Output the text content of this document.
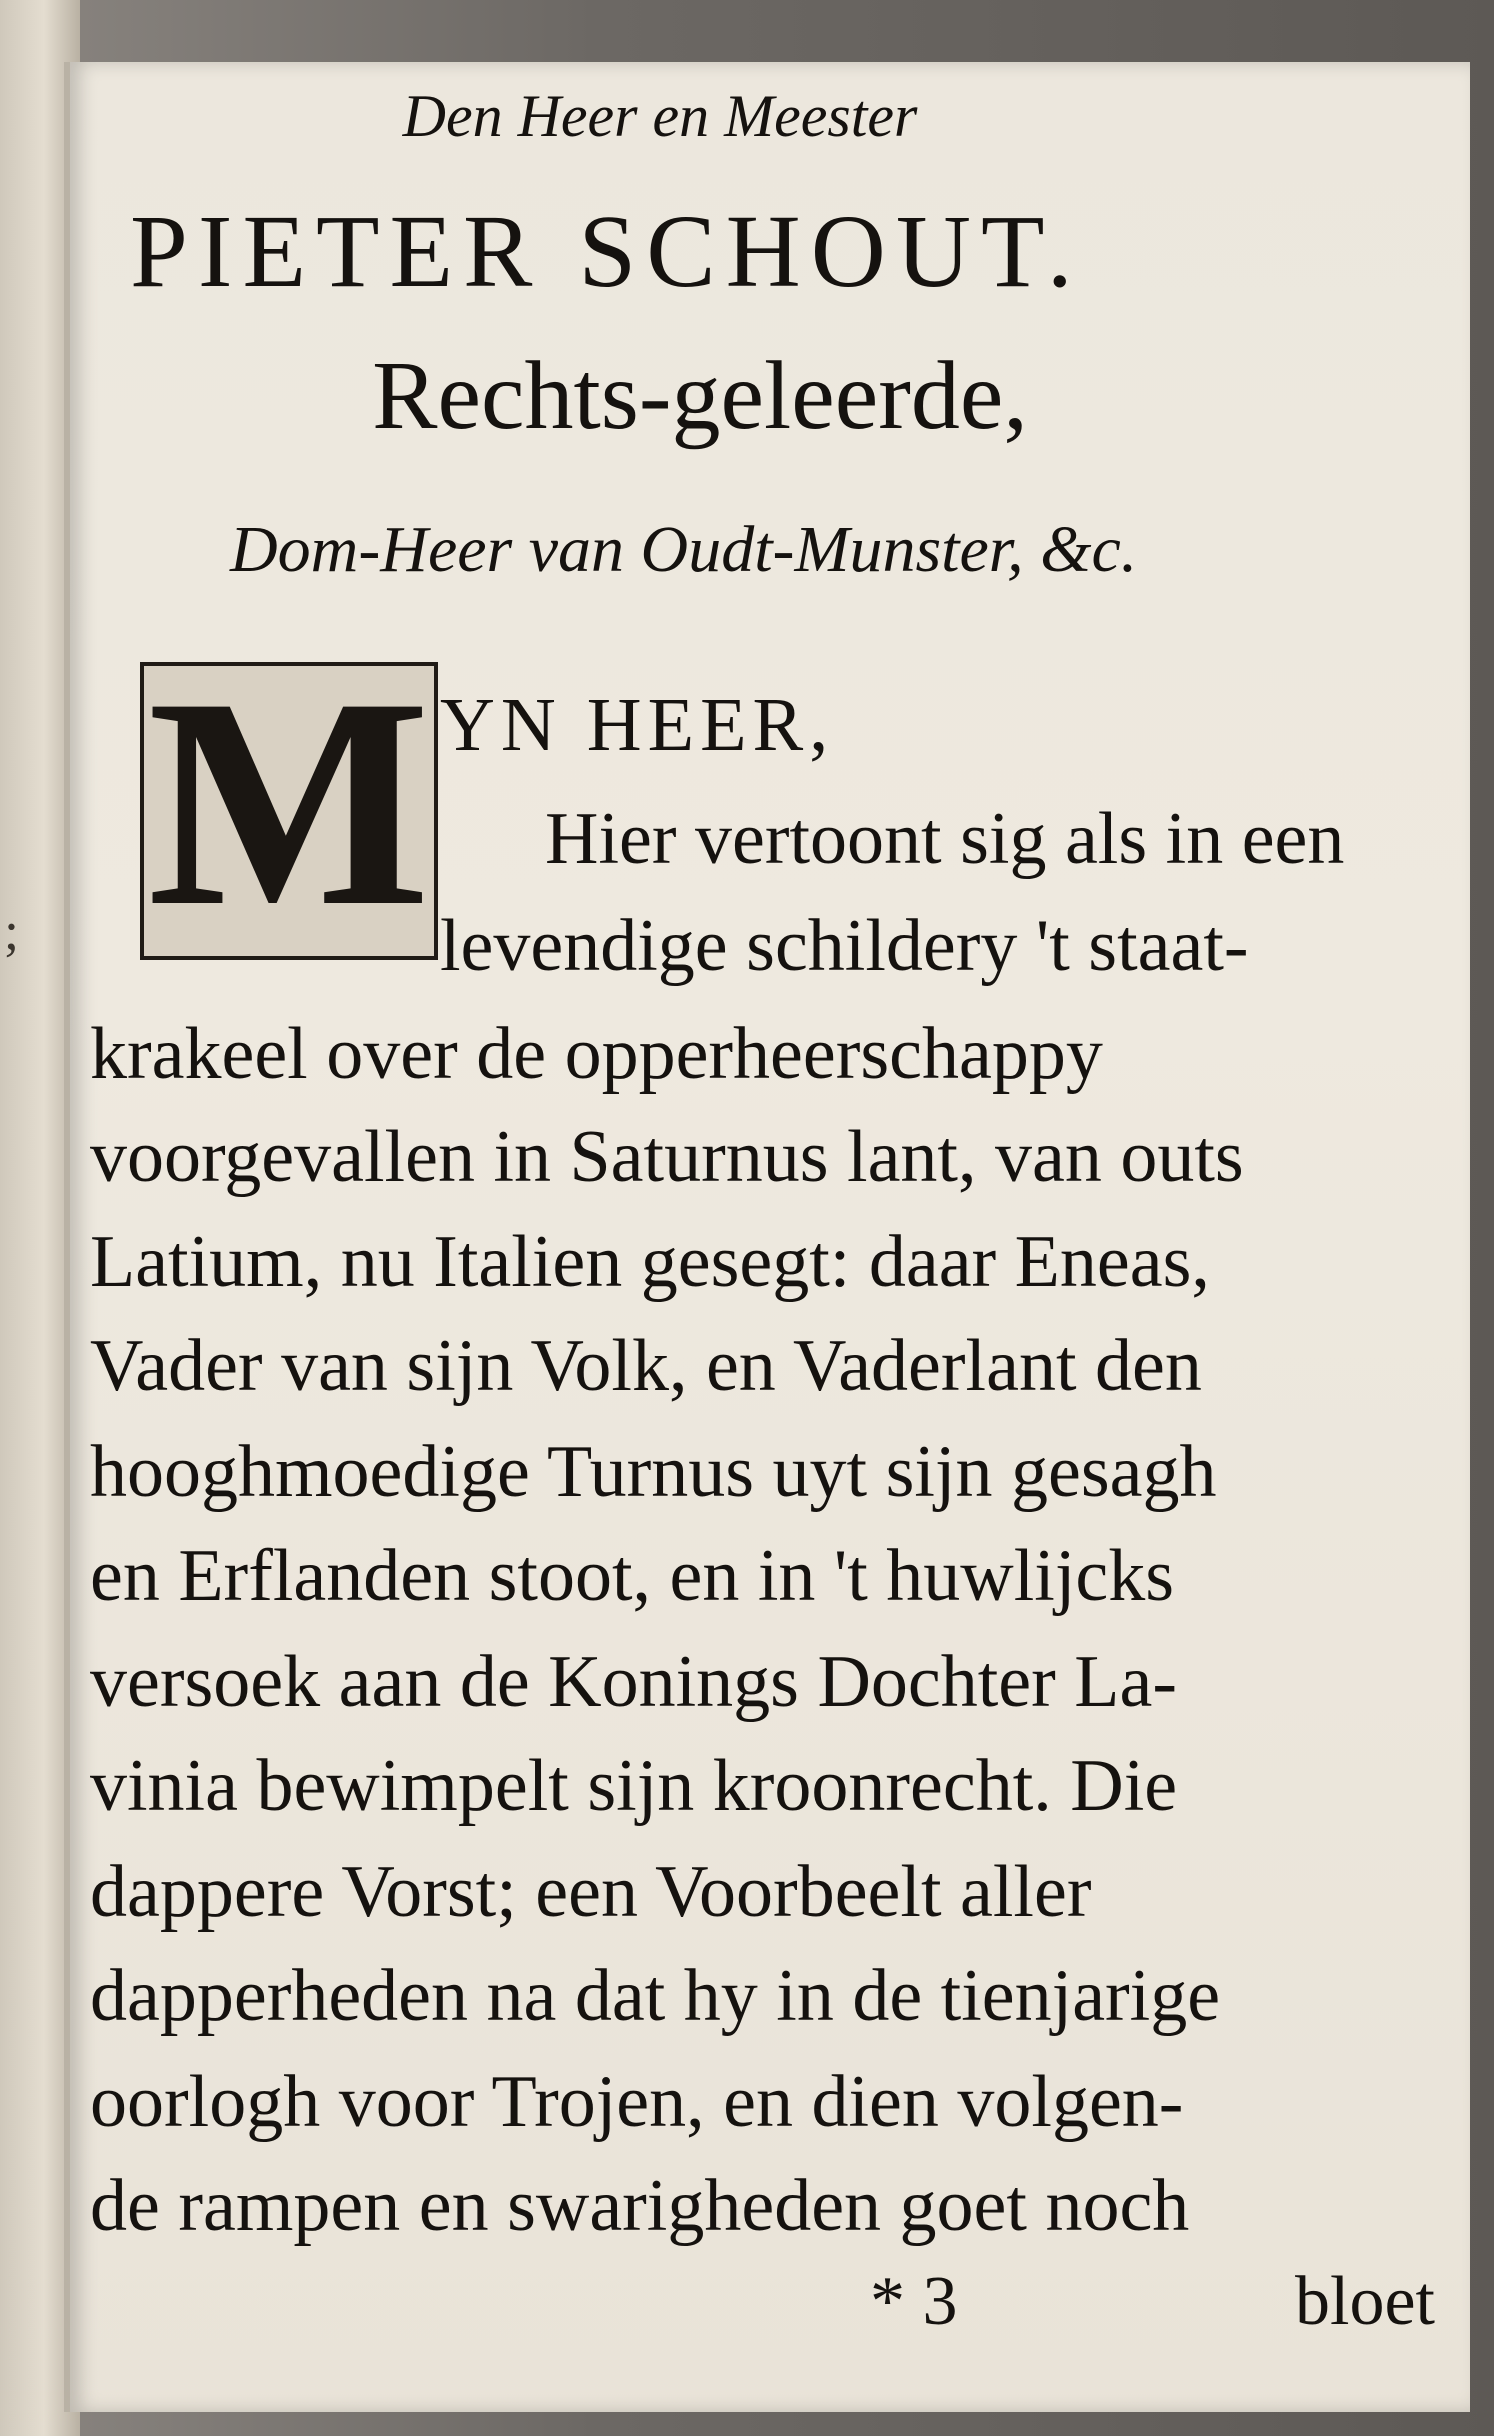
;
Den Heer en Meester
PIETER SCHOUT.
Rechts-geleerde,
Dom-Heer van Oudt-Munster, &c.
M YN HEER,
Hier vertoont sig als in een
levendige schildery 't staat-
krakeel over de opperheerschappy
voorgevallen in Saturnus lant, van outs
Latium, nu Italien gesegt: daar Eneas,
Vader van sijn Volk, en Vaderlant den
hooghmoedige Turnus uyt sijn gesagh
en Erflanden stoot, en in 't huwlijcks
versoek aan de Konings Dochter La-
vinia bewimpelt sijn kroonrecht. Die
dappere Vorst; een Voorbeelt aller
dapperheden na dat hy in de tienjarige
oorlogh voor Trojen, en dien volgen-
de rampen en swarigheden goet noch
* 3	bloet
